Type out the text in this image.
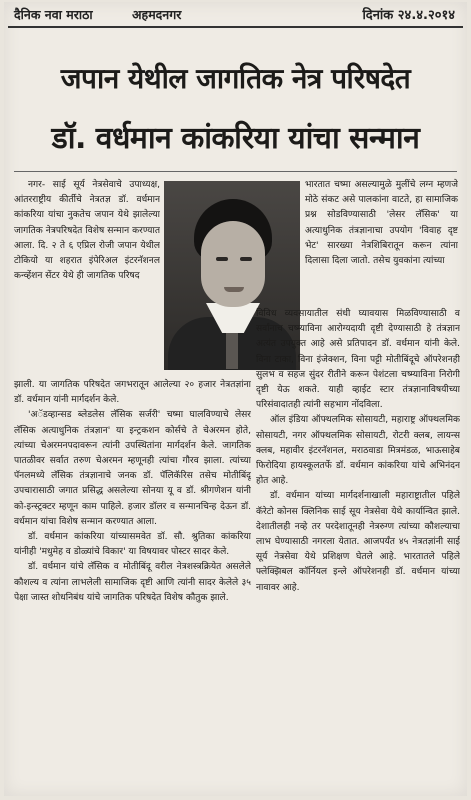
दैनिक नवा मराठा	अहमदनगर	दिनांक २४.४.२०१४
जपान येथील जागतिक नेत्र परिषदेत
डॉ. वर्धमान कांकरिया यांचा सन्मान

नगर- साई सूर्य नेत्रसेवाचे उपाध्यक्ष, आंतरराष्ट्रीय कीर्तीचे नेत्रतज्ञ डॉ. वर्धमान कांकरिया यांचा नुकतेच जपान येथे झालेल्या जागतिक नेत्रपरिषदेत विशेष सन्मान करण्यात आला. दि. २ ते ६ एप्रिल रोजी जपान येथील टोकियो या शहरात इंपेरिअल इंटरनॅशनल कन्व्हेंशन सेंटर येथे ही जागतिक परिषद

झाली. या जागतिक परिषदेत जगभरातून आलेल्या २० हजार नेत्रतज्ञांना डॉ. वर्धमान यांनी मार्गदर्शन केले.

'अॅडव्हान्सड ब्लेडलेस लॅसिक सर्जरी' चष्मा घालविण्याचे लेसर लॅसिक अत्याधुनिक तंत्रज्ञान' या इन्ट्रकशन कोर्सचे ते चेअरमन होते, त्यांच्या चेअरमनपदावरून त्यांनी उपस्थितांना मार्गदर्शन केले. जागतिक पातळीवर सर्वात तरुण चेअरमन म्हणूनही त्यांचा गौरव झाला. त्यांच्या पॅनलमध्ये लॅसिक तंत्रज्ञानाचे जनक डॉ. पॅलिकॅरिस तसेच मोतीबिंदू उपचारासाठी जगात प्रसिद्ध असलेल्या सोनया यू व डॉ. श्रीगणेशन यांनी को-इन्स्ट्रक्टर म्हणून काम पाहिले. हजार डॉलर व सन्मानचिन्ह देऊन डॉ. वर्धमान यांचा विशेष सन्मान करण्यात आला.

डॉ. वर्धमान कांकरिया यांच्यासमवेत डॉ. सौ. श्रुतिका कांकरिया यांनीही 'मधुमेह व डोळ्यांचे विकार' या विषयावर पोस्टर सादर केले.

डॉ. वर्धमान यांचे लॅसिक व मोतीबिंदू वरील नेत्रशस्त्रक्रियेत असलेले कौशल्य व त्यांना लाभलेली सामाजिक दृष्टी आणि त्यांनी सादर केलेले ३५ पेक्षा जास्त शोधनिबंध यांचे जागतिक परिषदेत विशेष कौतुक झाले.

भारतात चष्मा असल्यामुळे मुलींचे लग्न म्हणजे मोठे संकट असे पालकांना वाटते, हा सामाजिक प्रश्न सोडविण्यासाठी 'लेसर लॅसिक' या अत्याधुनिक तंत्रज्ञानाचा उपयोग 'विवाह दृष्ट भेट' सारख्या नेत्रशिबिरातून करून त्यांना दिलासा दिला जातो. तसेच युवकांना त्यांच्या

विविध व्यवसायातील संधी घ्यावयास मिळविण्यासाठी व सर्वांनाच चष्म्याविना आरोग्यदायी दृष्टी देण्यासाठी हे तंत्रज्ञान अत्यंत उपयुक्त आहे असे प्रतिपादन डॉ. वर्धमान यांनी केले. विना टाका, विना इंजेक्शन, विना पट्टी मोतीबिंदूचे ऑपरेशनही सुलभ व सहज सुंदर रीतीने करून पेशंटला चष्म्याविना निरोगी दृष्टी येऊ शकते. याही व्हाईट स्टार तंत्रज्ञानाविषयीच्या परिसंवादातही त्यांनी सहभाग नोंदविला.

ऑल इंडिया ऑफ्थलमिक सोसायटी, महाराष्ट्र ऑफ्थलमिक सोसायटी, नगर ऑफ्थलमिक सोसायटी, रोटरी क्लब, लायन्स क्लब, महावीर इंटरनॅशनल, मराठवाडा मित्रमंडळ, भाऊसाहेब फिरोदिया हायस्कूलतर्फे डॉ. वर्धमान कांकरिया यांचे अभिनंदन होत आहे.

डॉ. वर्धमान यांच्या मार्गदर्शनाखाली महाराष्ट्रातील पहिले कॅरेटो कोनस क्लिनिक साई सूय नेत्रसेवा येथे कार्यान्वित झाले. देशातीलही नव्हे तर परदेशातूनही नेत्ररुग्ण त्यांच्या कौशल्याचा लाभ घेण्यासाठी नगरला येतात. आजपर्यंत ४५ नेत्रतज्ञांनी साई सूर्य नेत्रसेवा येथे प्रशिक्षण घेतले आहे. भारतातले पहिले फ्लेक्झिबल कॉर्नियल इन्ले ऑपरेशनही डॉ. वर्धमान यांच्या नावावर आहे.
